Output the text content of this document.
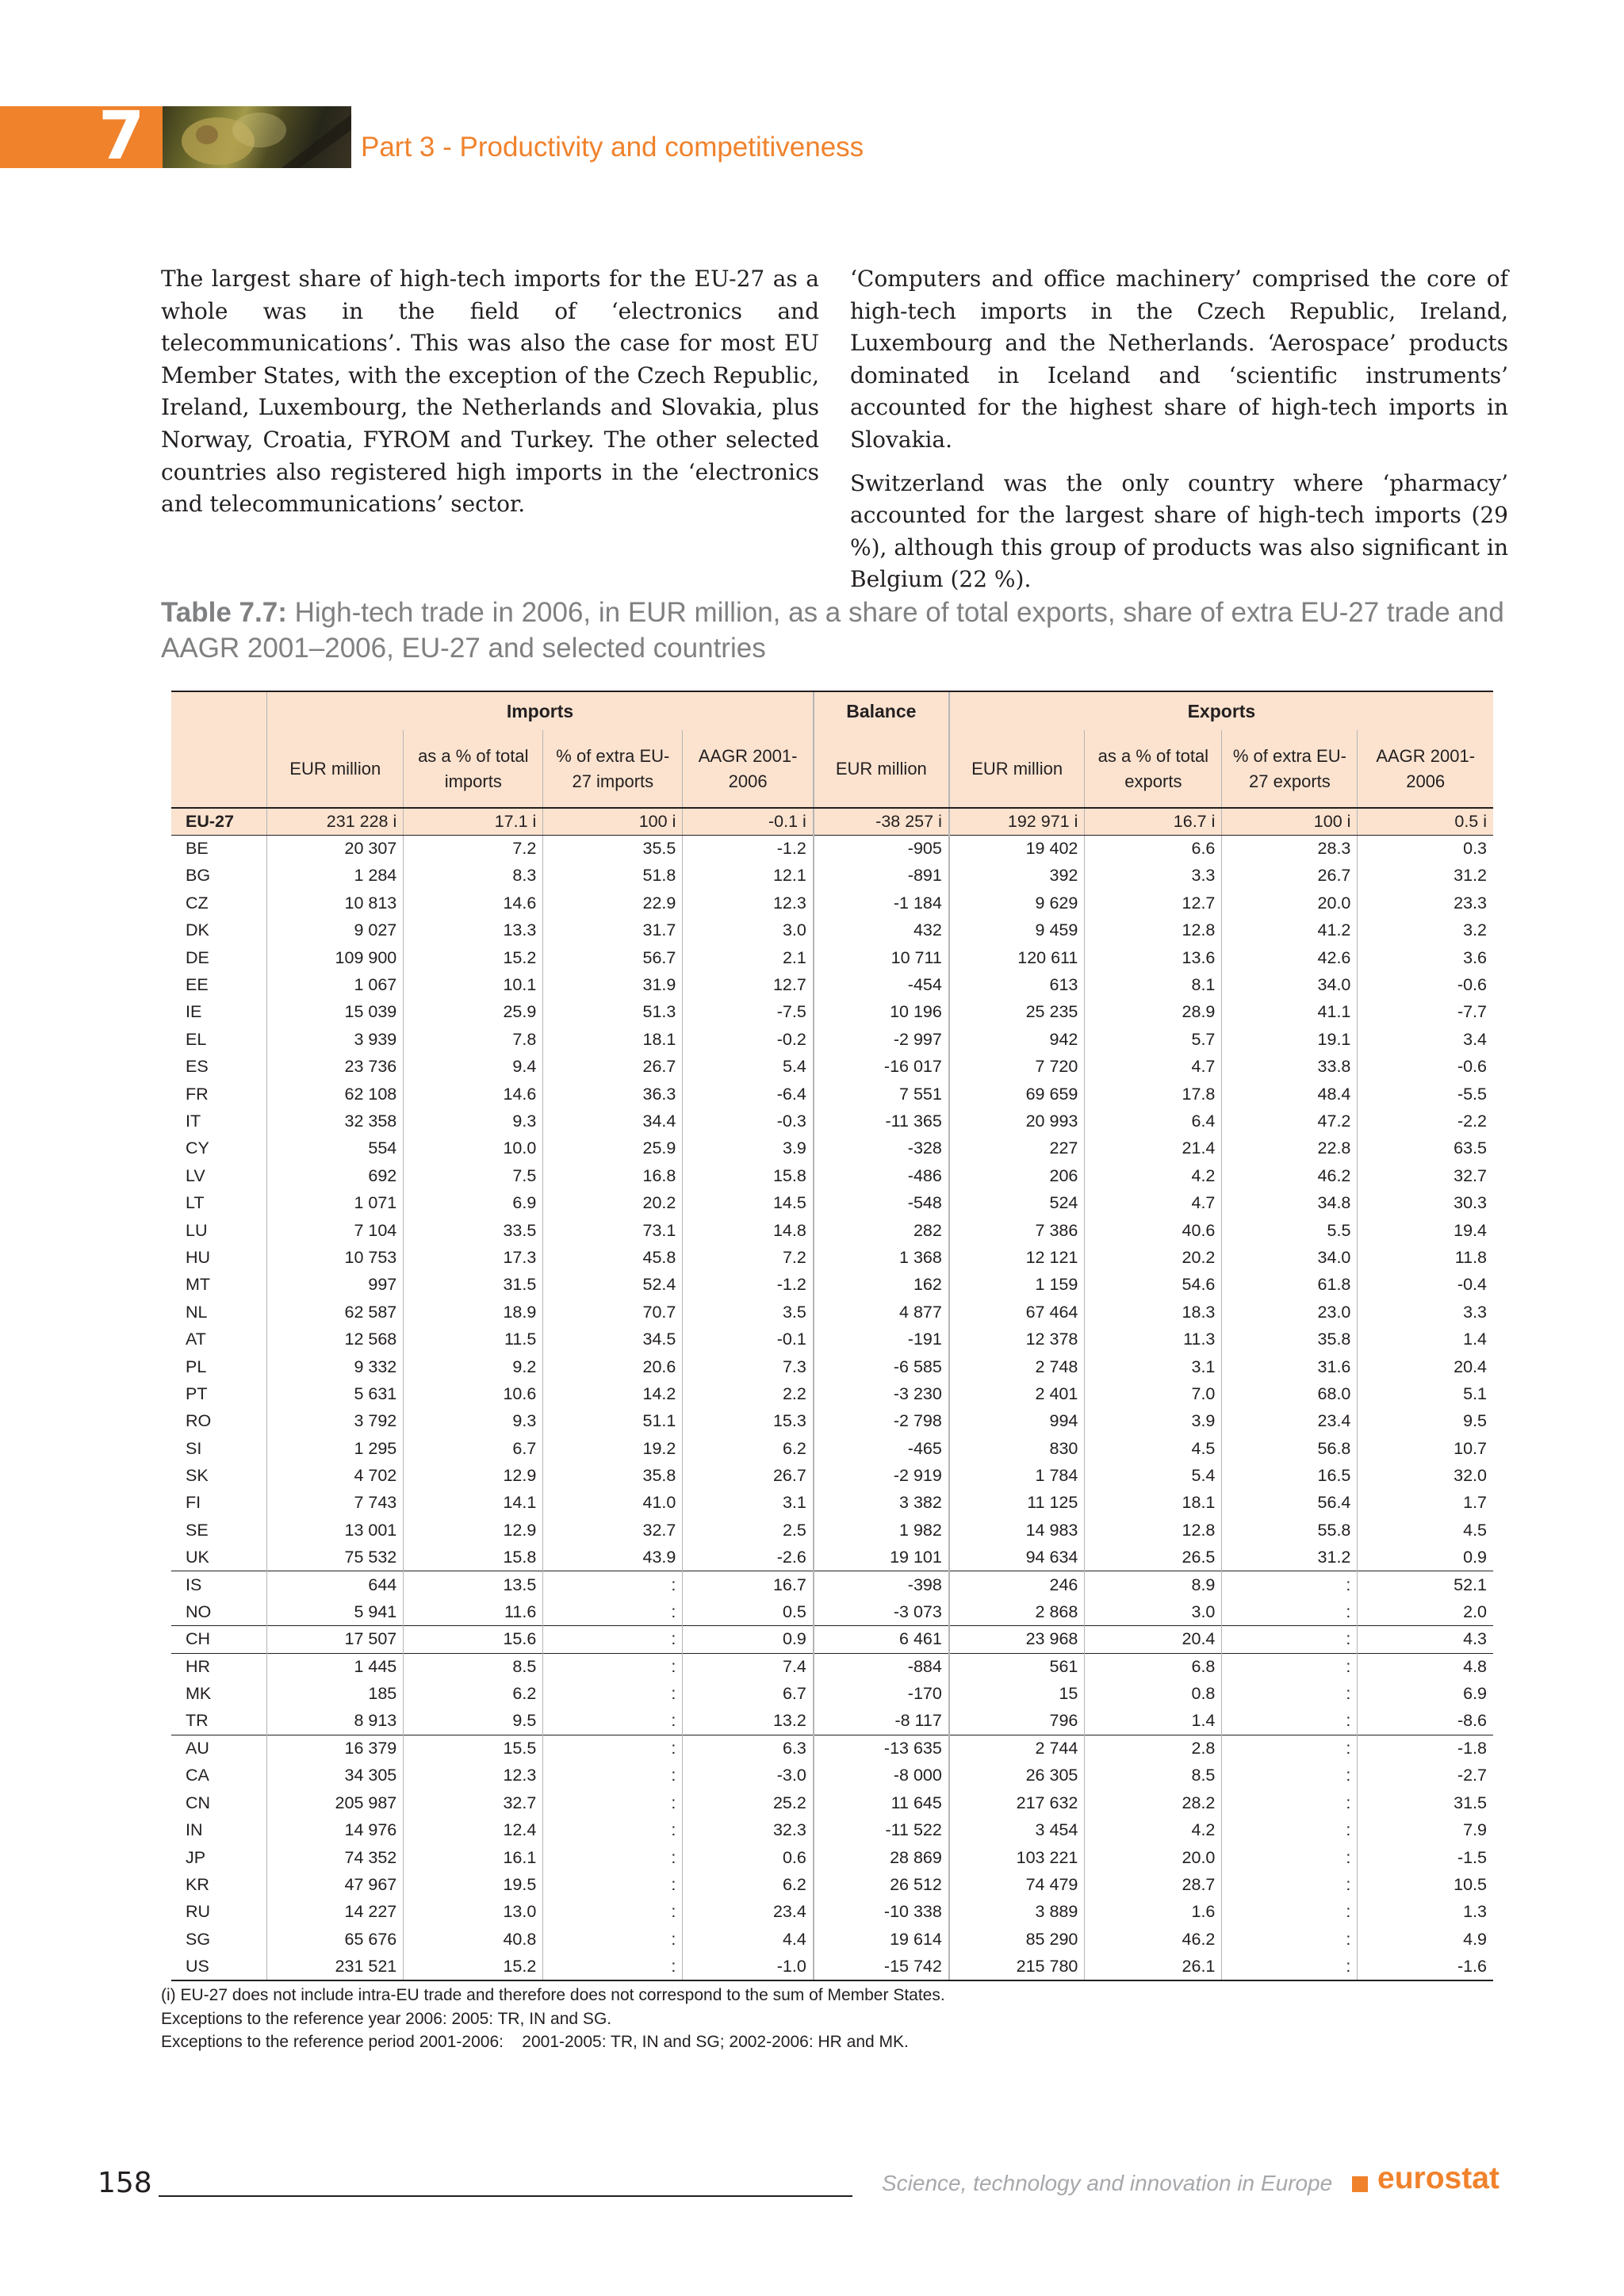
7	Part 3 - Productivity and competitiveness

The largest share of high-tech imports for the EU-27 as a whole was in the field of ‘electronics and telecommunications’. This was also the case for most EU Member States, with the exception of the Czech Republic, Ireland, Luxembourg, the Netherlands and Slovakia, plus Norway, Croatia, FYROM and Turkey. The other selected countries also registered high imports in the ‘electronics and telecommunications’ sector.

‘Computers and office machinery’ comprised the core of high-tech imports in the Czech Republic, Ireland, Luxembourg and the Netherlands. ‘Aerospace’ products dominated in Iceland and ‘scientific instruments’ accounted for the highest share of high-tech imports in Slovakia.

Switzerland was the only country where ‘pharmacy’ accounted for the largest share of high-tech imports (29 %), although this group of products was also significant in Belgium (22 %).

Table 7.7: High-tech trade in 2006, in EUR million, as a share of total exports, share of extra EU-27 trade and AAGR 2001–2006, EU-27 and selected countries
	Imports				Balance	Exports			
	EUR million	as a % of total imports	% of extra EU-27 imports	AAGR 2001-2006	EUR million	EUR million	as a % of total exports	% of extra EU-27 exports	AAGR 2001-2006
EU-27	231 228 i	17.1 i	100 i	-0.1 i	-38 257 i	192 971 i	16.7 i	100 i	0.5 i
BE	20 307	7.2	35.5	-1.2	-905	19 402	6.6	28.3	0.3
BG	1 284	8.3	51.8	12.1	-891	392	3.3	26.7	31.2
CZ	10 813	14.6	22.9	12.3	-1 184	9 629	12.7	20.0	23.3
DK	9 027	13.3	31.7	3.0	432	9 459	12.8	41.2	3.2
DE	109 900	15.2	56.7	2.1	10 711	120 611	13.6	42.6	3.6
EE	1 067	10.1	31.9	12.7	-454	613	8.1	34.0	-0.6
IE	15 039	25.9	51.3	-7.5	10 196	25 235	28.9	41.1	-7.7
EL	3 939	7.8	18.1	-0.2	-2 997	942	5.7	19.1	3.4
ES	23 736	9.4	26.7	5.4	-16 017	7 720	4.7	33.8	-0.6
FR	62 108	14.6	36.3	-6.4	7 551	69 659	17.8	48.4	-5.5
IT	32 358	9.3	34.4	-0.3	-11 365	20 993	6.4	47.2	-2.2
CY	554	10.0	25.9	3.9	-328	227	21.4	22.8	63.5
LV	692	7.5	16.8	15.8	-486	206	4.2	46.2	32.7
LT	1 071	6.9	20.2	14.5	-548	524	4.7	34.8	30.3
LU	7 104	33.5	73.1	14.8	282	7 386	40.6	5.5	19.4
HU	10 753	17.3	45.8	7.2	1 368	12 121	20.2	34.0	11.8
MT	997	31.5	52.4	-1.2	162	1 159	54.6	61.8	-0.4
NL	62 587	18.9	70.7	3.5	4 877	67 464	18.3	23.0	3.3
AT	12 568	11.5	34.5	-0.1	-191	12 378	11.3	35.8	1.4
PL	9 332	9.2	20.6	7.3	-6 585	2 748	3.1	31.6	20.4
PT	5 631	10.6	14.2	2.2	-3 230	2 401	7.0	68.0	5.1
RO	3 792	9.3	51.1	15.3	-2 798	994	3.9	23.4	9.5
SI	1 295	6.7	19.2	6.2	-465	830	4.5	56.8	10.7
SK	4 702	12.9	35.8	26.7	-2 919	1 784	5.4	16.5	32.0
FI	7 743	14.1	41.0	3.1	3 382	11 125	18.1	56.4	1.7
SE	13 001	12.9	32.7	2.5	1 982	14 983	12.8	55.8	4.5
UK	75 532	15.8	43.9	-2.6	19 101	94 634	26.5	31.2	0.9
IS	644	13.5	:	16.7	-398	246	8.9	:	52.1
NO	5 941	11.6	:	0.5	-3 073	2 868	3.0	:	2.0
CH	17 507	15.6	:	0.9	6 461	23 968	20.4	:	4.3
HR	1 445	8.5	:	7.4	-884	561	6.8	:	4.8
MK	185	6.2	:	6.7	-170	15	0.8	:	6.9
TR	8 913	9.5	:	13.2	-8 117	796	1.4	:	-8.6
AU	16 379	15.5	:	6.3	-13 635	2 744	2.8	:	-1.8
CA	34 305	12.3	:	-3.0	-8 000	26 305	8.5	:	-2.7
CN	205 987	32.7	:	25.2	11 645	217 632	28.2	:	31.5
IN	14 976	12.4	:	32.3	-11 522	3 454	4.2	:	7.9
JP	74 352	16.1	:	0.6	28 869	103 221	20.0	:	-1.5
KR	47 967	19.5	:	6.2	26 512	74 479	28.7	:	10.5
RU	14 227	13.0	:	23.4	-10 338	3 889	1.6	:	1.3
SG	65 676	40.8	:	4.4	19 614	85 290	46.2	:	4.9
US	231 521	15.2	:	-1.0	-15 742	215 780	26.1	:	-1.6
(i) EU-27 does not include intra-EU trade and therefore does not correspond to the sum of Member States.
Exceptions to the reference year 2006: 2005: TR, IN and SG.
Exceptions to the reference period 2001-2006:    2001-2005: TR, IN and SG; 2002-2006: HR and MK.
158	Science, technology and innovation in Europe eurostat
